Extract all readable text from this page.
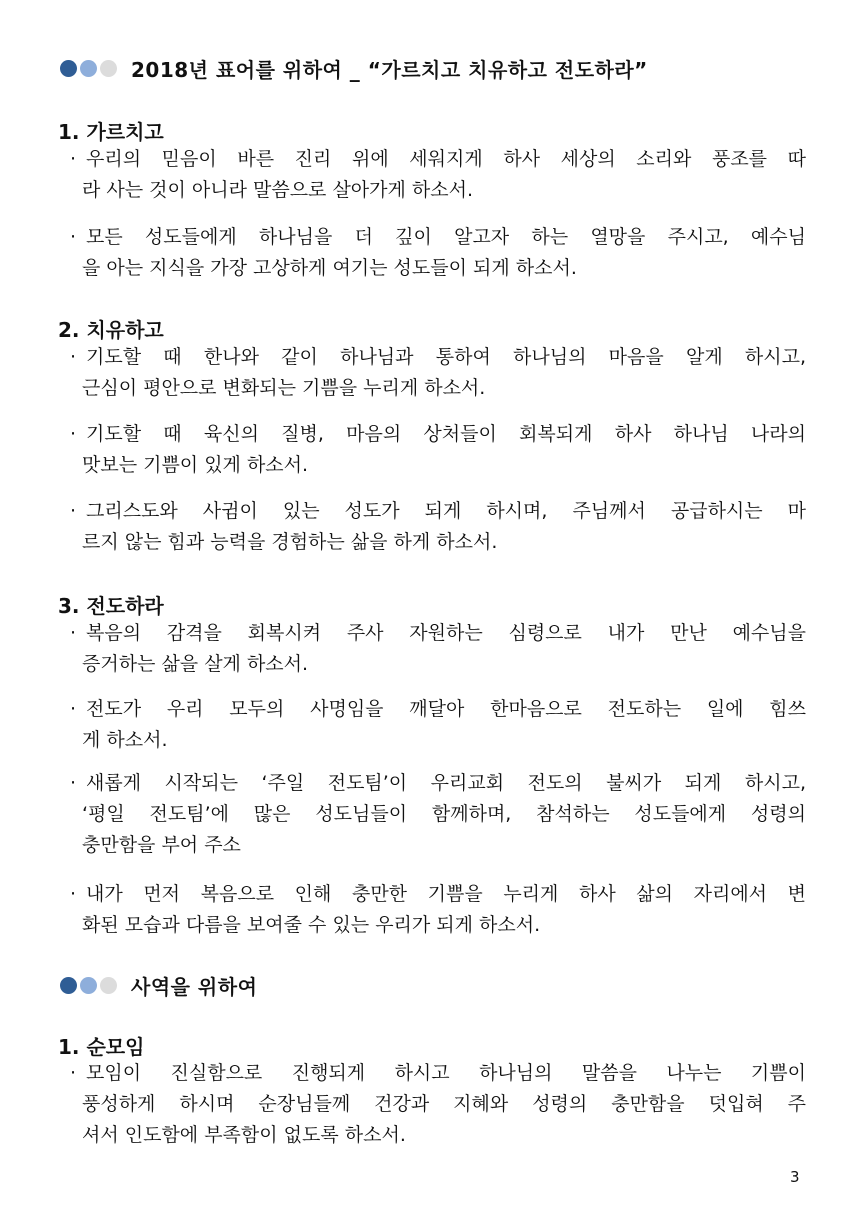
2018년 표어를 위하여 _ “가르치고 치유하고 전도하라”
1. 가르치고
· 우리의 믿음이 바른 진리 위에 세워지게 하사 세상의 소리와 풍조를 따
라 사는 것이 아니라 말씀으로 살아가게 하소서.
· 모든 성도들에게 하나님을 더 깊이 알고자 하는 열망을 주시고, 예수님
을 아는 지식을 가장 고상하게 여기는 성도들이 되게 하소서.
2. 치유하고
· 기도할 때 한나와 같이 하나님과 통하여 하나님의 마음을 알게 하시고,
근심이 평안으로 변화되는 기쁨을 누리게 하소서.
· 기도할 때 육신의 질병, 마음의 상처들이 회복되게 하사 하나님 나라의
맛보는 기쁨이 있게 하소서.
· 그리스도와 사귐이 있는 성도가 되게 하시며, 주님께서 공급하시는 마
르지 않는 힘과 능력을 경험하는 삶을 하게 하소서.
3. 전도하라
· 복음의 감격을 회복시켜 주사 자원하는 심령으로 내가 만난 예수님을
증거하는 삶을 살게 하소서.
· 전도가 우리 모두의 사명임을 깨달아 한마음으로 전도하는 일에 힘쓰
게 하소서.
· 새롭게 시작되는 ‘주일 전도팀’이 우리교회 전도의 불씨가 되게 하시고,
‘평일 전도팀’에 많은 성도님들이 함께하며, 참석하는 성도들에게 성령의
충만함을 부어 주소
· 내가 먼저 복음으로 인해 충만한 기쁨을 누리게 하사 삶의 자리에서 변
화된 모습과 다름을 보여줄 수 있는 우리가 되게 하소서.
사역을 위하여
1. 순모임
· 모임이 진실함으로 진행되게 하시고 하나님의 말씀을 나누는 기쁨이
풍성하게 하시며 순장님들께 건강과 지혜와 성령의 충만함을 덧입혀 주
셔서 인도함에 부족함이 없도록 하소서.
3
